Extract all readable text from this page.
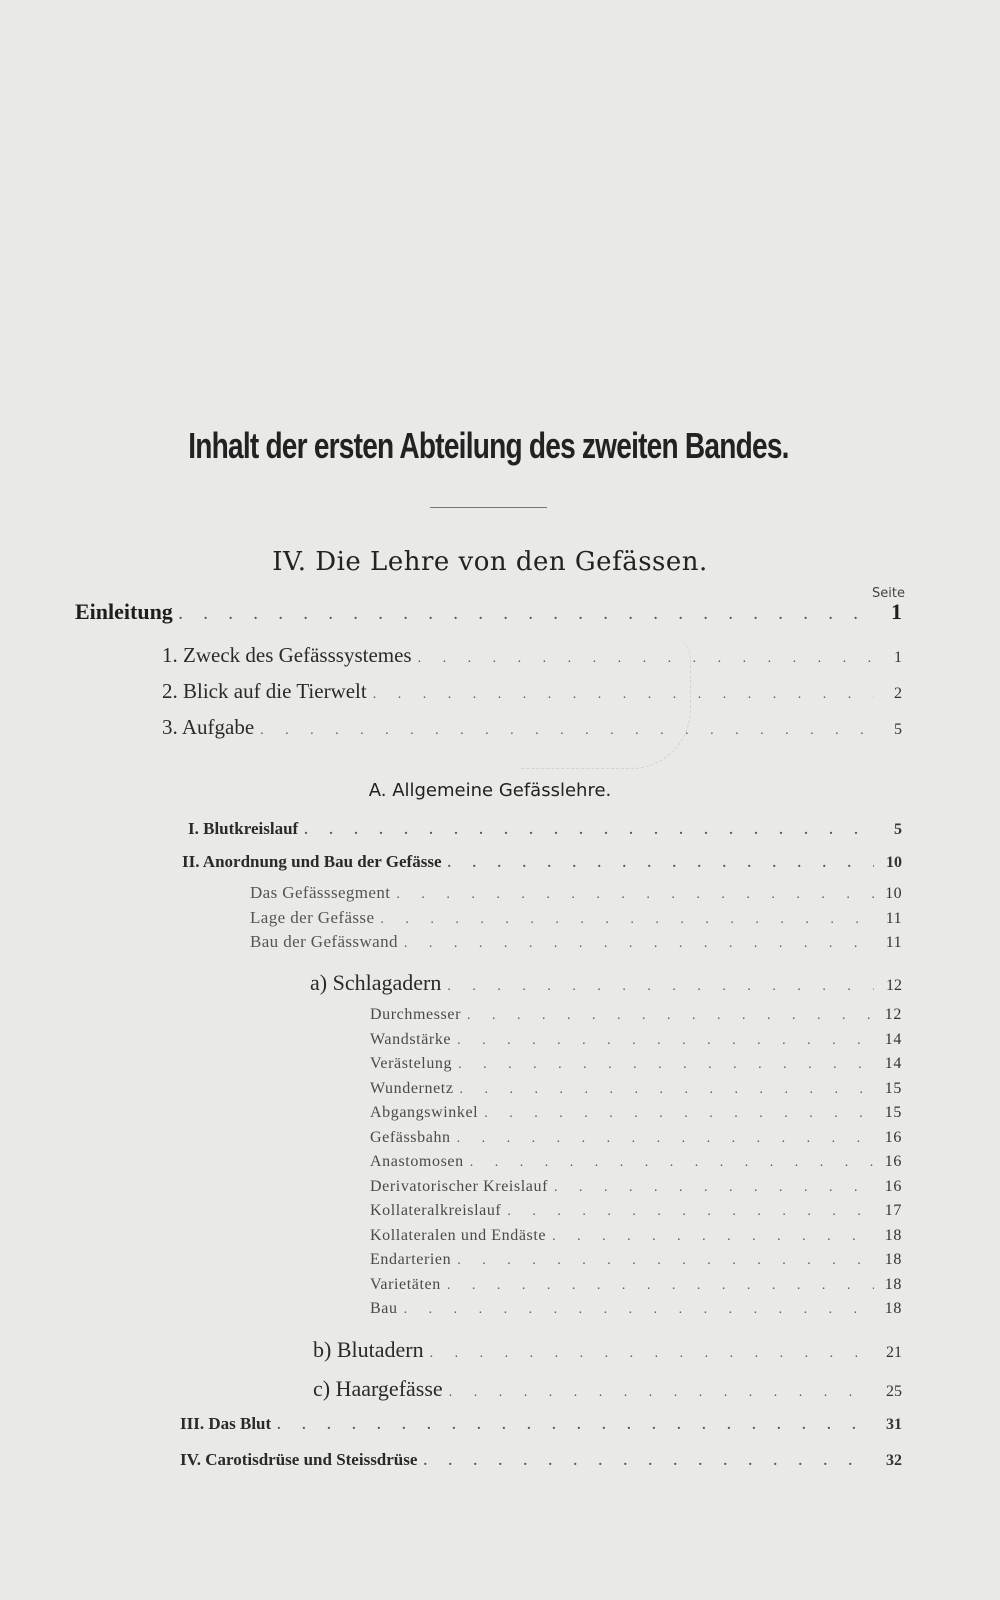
Inhalt der ersten Abteilung des zweiten Bandes.
IV. Die Lehre von den Gefässen.
Seite
Einleitung . . .	1
1. Zweck des Gefässsystemes . . .	1
2. Blick auf die Tierwelt . . .	2
3. Aufgabe . . .	5
A. Allgemeine Gefässlehre.
I. Blutkreislauf . . .	5
II. Anordnung und Bau der Gefässe . . .	10
Das Gefässsegment . . .	10
Lage der Gefässe . . .	11
Bau der Gefässwand . . .	11
a) Schlagadern . . .	12
Durchmesser . . .	12
Wandstärke . . .	14
Verästelung . . .	14
Wundernetz . . .	15
Abgangswinkel . . .	15
Gefässbahn . . .	16
Anastomosen . . .	16
Derivatorischer Kreislauf . . .	16
Kollateralkreislauf . . .	17
Kollateralen und Endäste . . .	18
Endarterien . . .	18
Varietäten . . .	18
Bau . . .	18
b) Blutadern . . .	21
c) Haargefässe . . .	25
III. Das Blut . . .	31
IV. Carotisdrüse und Steissdrüse . . .	32
